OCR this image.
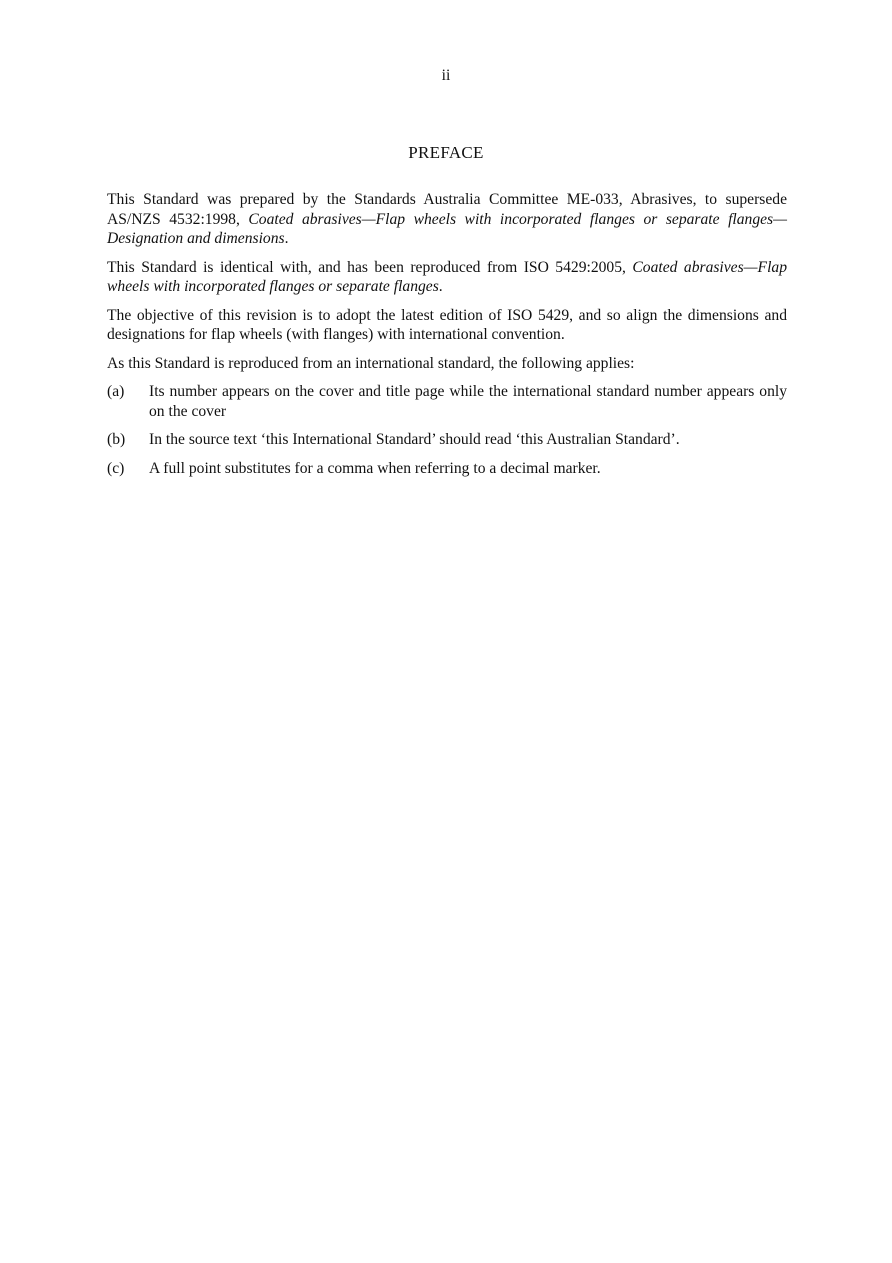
ii
PREFACE

This Standard was prepared by the Standards Australia Committee ME-033, Abrasives, to supersede AS/NZS 4532:1998, Coated abrasives—Flap wheels with incorporated flanges or separate flanges—Designation and dimensions.

This Standard is identical with, and has been reproduced from ISO 5429:2005, Coated abrasives—Flap wheels with incorporated flanges or separate flanges.

The objective of this revision is to adopt the latest edition of ISO 5429, and so align the dimensions and designations for flap wheels (with flanges) with international convention.

As this Standard is reproduced from an international standard, the following applies:

(a)	Its number appears on the cover and title page while the international standard number appears only on the cover
(b)	In the source text ‘this International Standard’ should read ‘this Australian Standard’.
(c)	A full point substitutes for a comma when referring to a decimal marker.
